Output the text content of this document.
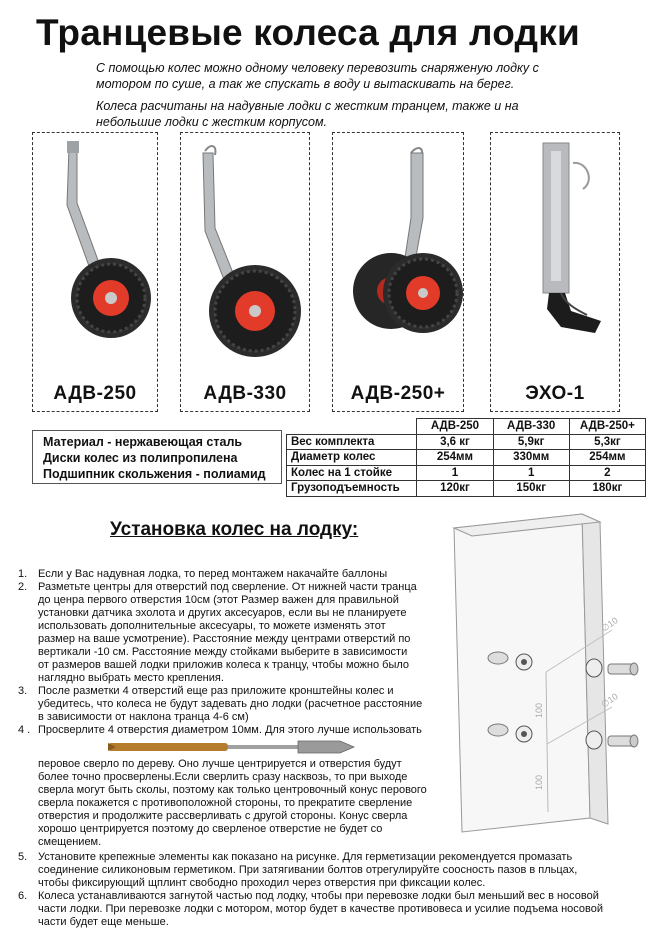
Транцевые колеса для лодки
С помощью колес можно одному человеку перевозить снаряженую лодку с
мотором по суше, а так же спускать в воду и вытаскивать на берег.
Колеса расчитаны на надувные лодки с жестким транцем, также и на
небольшие лодки с жестким корпусом.
АДВ-250	АДВ-330	АДВ-250+	ЭХО-1
Материал - нержавеющая сталь
Диски колес из полипропилена
Подшипник скольжения - полиамид
	АДВ-250	АДВ-330	АДВ-250+
Вес комплекта	3,6 кг	5,9кг	5,3кг
Диаметр колес	254мм	330мм	254мм
Колес на 1 стойке	1	1	2
Грузоподъемность	120кг	150кг	180кг
Установка колес на лодку:
1. Если у Вас надувная лодка, то перед монтажем накачайте баллоны
2. Разметьте центры для отверстий под сверление. От нижней части транца
до ценра первого отверстия 10см (этот Размер важен для правильной
установки датчика эхолота и других аксесуаров, если вы не планируете
использовать дополнительные аксесуары, то можете изменять этот
размер на ваше усмотрение). Расстояние между центрами отверстий по
вертикали -10 см. Расстояние между стойками выберите в зависимости
от размеров вашей лодки приложив колеса к транцу, чтобы можно было
наглядно выбрать место крепления.
3. После разметки 4 отверстий еще раз приложите кронштейны колес и
убедитесь, что колеса не будут задевать дно лодки (расчетное расстояние
в зависимости от наклона транца 4-6 см)
4 . Просверлите 4 отверстия диаметром 10мм. Для этого лучше использовать
перовое сверло по дереву. Оно лучше центрируется и отверстия будут
более точно просверлены.Если сверлить сразу насквозь, то при выходе
сверла могут быть сколы, поэтому как только центровочный конус перового
сверла покажется с противоположной стороны, то прекратите сверление
отверстия и продолжите рассверливать с другой стороны. Конус сверла
хорошо центрируется поэтому до сверленое отверстие не будет со
смещением.
5. Установите крепежные элементы как показано на рисунке. Для герметизации рекомендуется промазать
соединение силиконовым герметиком. При затягивании болтов отрегулируйте соосность пазов в пльцах,
чтобы фиксирующий щплинт свободно проходил через отверстия при фиксации колес.
6. Колеса устанавливаются загнутой частью под лодку, чтобы при перевозке лодки был меньший вес в носовой
части лодки. При перевозке лодки с мотором, мотор будет в качестве противовеса и усилие подъема носовой
части будет еще меньше.
∅10
∅10
100
100
